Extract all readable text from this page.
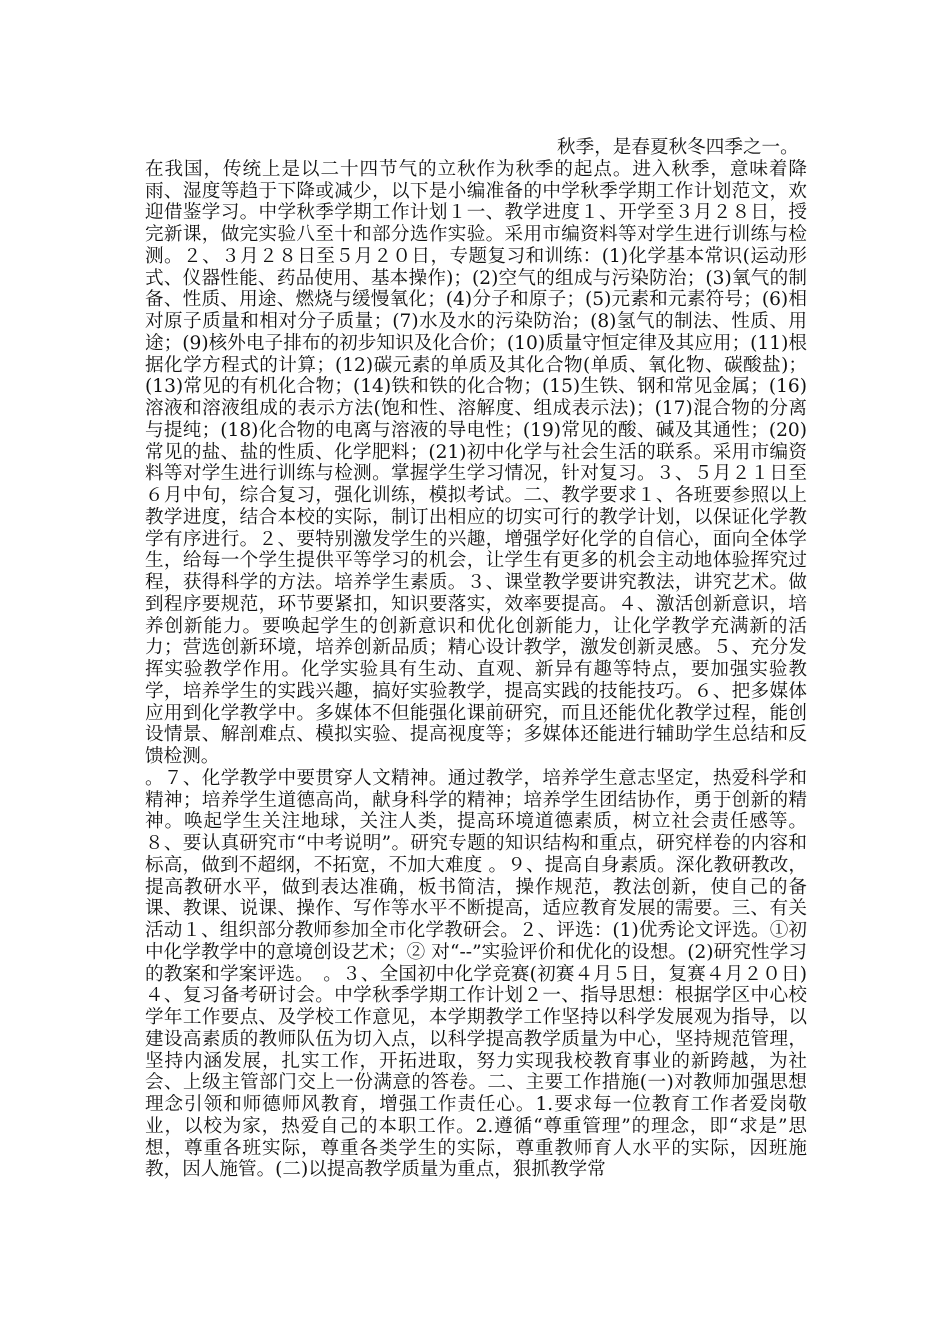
秋季，是春夏秋冬四季之一。
在我国，传统上是以二十四节气的立秋作为秋季的起点。进入秋季，意味着降雨、湿度等趋于下降或减少，以下是小编准备的中学秋季学期工作计划范文，欢迎借鉴学习。中学秋季学期工作计划１一、教学进度１、开学至３月２８日，授完新课，做完实验八至十和部分选作实验。采用市编资料等对学生进行训练与检测。２、３月２８日至５月２０日，专题复习和训练：(1)化学基本常识(运动形式、仪器性能、药品使用、基本操作)；(2)空气的组成与污染防治；(3)氧气的制备、性质、用途、燃烧与缓慢氧化；(4)分子和原子；(5)元素和元素符号；(6)相对原子质量和相对分子质量；(7)水及水的污染防治；(8)氢气的制法、性质、用途；(9)核外电子排布的初步知识及化合价；(10)质量守恒定律及其应用；(11)根据化学方程式的计算；(12)碳元素的单质及其化合物(单质、氧化物、碳酸盐)；(13)常见的有机化合物；(14)铁和铁的化合物；(15)生铁、钢和常见金属；(16)溶液和溶液组成的表示方法(饱和性、溶解度、组成表示法)；(17)混合物的分离与提纯；(18)化合物的电离与溶液的导电性；(19)常见的酸、碱及其通性；(20)常见的盐、盐的性质、化学肥料；(21)初中化学与社会生活的联系。采用市编资料等对学生进行训练与检测。掌握学生学习情况，针对复习。３、５月２１日至６月中旬，综合复习，强化训练，模拟考试。二、教学要求１、各班要参照以上教学进度，结合本校的实际，制订出相应的切实可行的教学计划，以保证化学教学有序进行。２、要特别激发学生的兴趣，增强学好化学的自信心，面向全体学生，给每一个学生提供平等学习的机会，让学生有更多的机会主动地体验挥究过程，获得科学的方法。培养学生素质。３、课堂教学要讲究教法，讲究艺术。做到程序要规范，环节要紧扣，知识要落实，效率要提高。４、激活创新意识，培养创新能力。要唤起学生的创新意识和优化创新能力，让化学教学充满新的活力；营选创新环境，培养创新品质；精心设计教学，激发创新灵感。５、充分发挥实验教学作用。化学实验具有生动、直观、新异有趣等特点，要加强实验教学，培养学生的实践兴趣，搞好实验教学，提高实践的技能技巧。６、把多媒体应用到化学教学中。多媒体不但能强化课前研究，而且还能优化教学过程，能创设情景、解剖难点、模拟实验、提高视度等；多媒体还能进行辅助学生总结和反馈检测。

。７、化学教学中要贯穿人文精神。通过教学，培养学生意志坚定，热爱科学和精神；培养学生道德高尚，献身科学的精神；培养学生团结协作，勇于创新的精神。唤起学生关注地球，关注人类，提高环境道德素质，树立社会责任感等。８、要认真研究市“中考说明”。研究专题的知识结构和重点，研究样卷的内容和标高，做到不超纲，不拓宽，不加大难度 。９、提高自身素质。深化教研教改，提高教研水平，做到表达准确，板书简洁，操作规范，教法创新，使自己的备课、教课、说课、操作、写作等水平不断提高，适应教育发展的需要。三、有关活动１、组织部分教师参加全市化学教研会。２、评选：(1)优秀论文评选。①初中化学教学中的意境创设艺术；② 对“--”实验评价和优化的设想。(2)研究性学习的教案和学案评选。　。３、全国初中化学竞赛(初赛４月５日，复赛４月２０日)４、复习备考研讨会。中学秋季学期工作计划２一、指导思想：根据学区中心校学年工作要点、及学校工作意见，本学期教学工作坚持以科学发展观为指导，以建设高素质的教师队伍为切入点，以科学提高教学质量为中心，坚持规范管理，坚持内涵发展，扎实工作，开拓进取，努力实现我校教育事业的新跨越，为社会、上级主管部门交上一份满意的答卷。二、主要工作措施(一)对教师加强思想理念引领和师德师风教育，增强工作责任心。1.要求每一位教育工作者爱岗敬业，以校为家，热爱自己的本职工作。2.遵循“尊重管理”的理念，即“求是”思想，尊重各班实际，尊重各类学生的实际，尊重教师育人水平的实际，因班施教，因人施管。(二)以提高教学质量为重点，狠抓教学常
